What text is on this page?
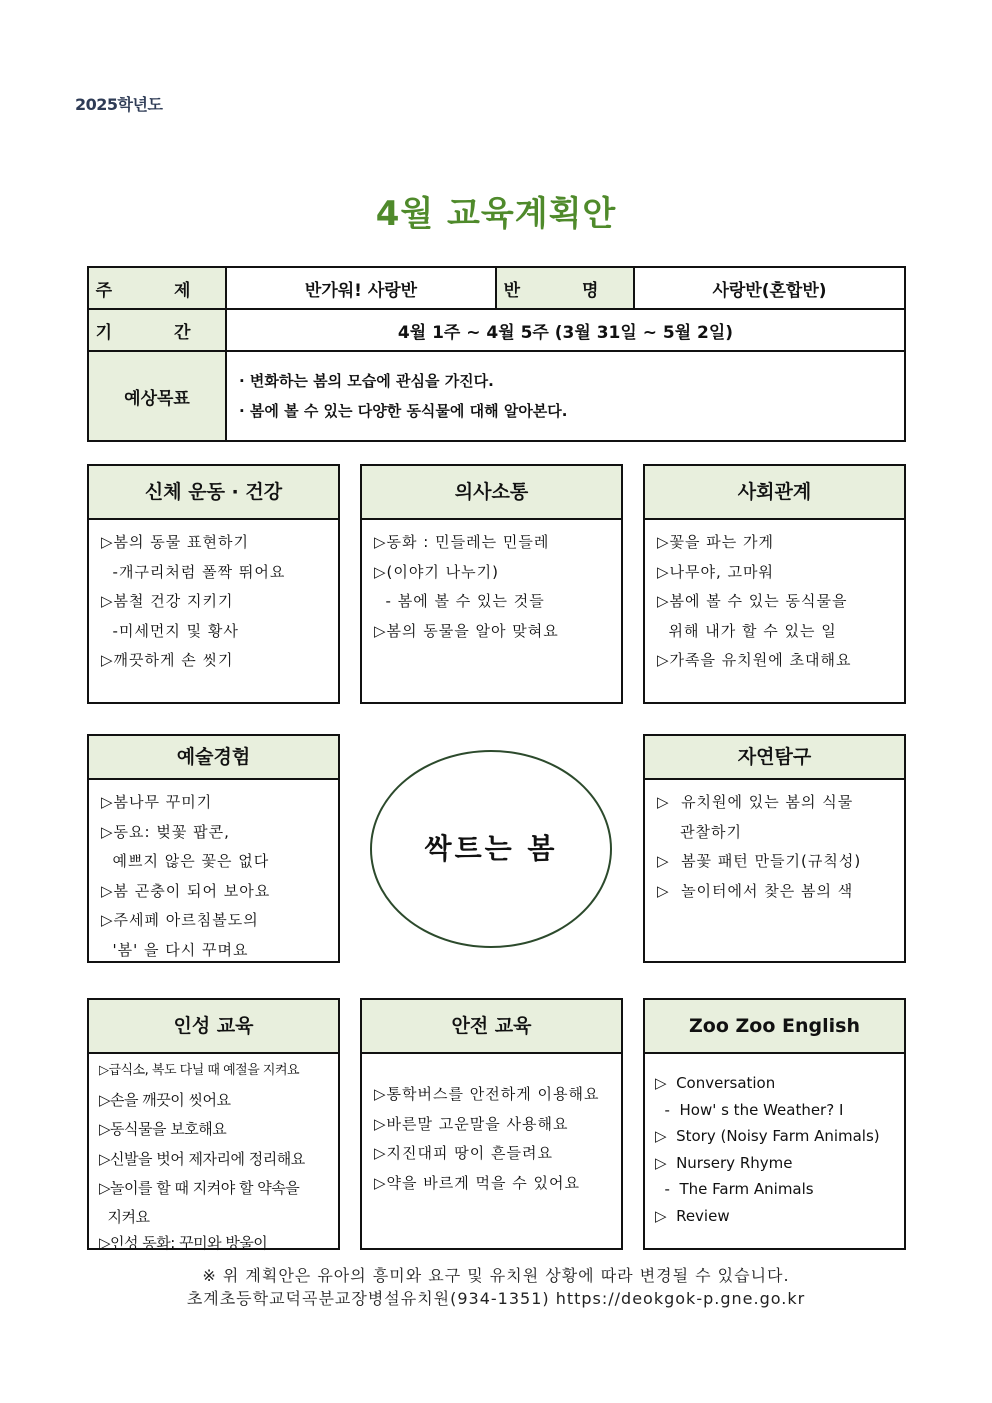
2025학년도
4월 교육계획안
주 제	반가워! 사랑반	반 명	사랑반(혼합반)
기 간	4월 1주 ~ 4월 5주 (3월 31일 ~ 5월 2일)		
예상목표	· 변화하는 봄의 모습에 관심을 가진다.
· 봄에 볼 수 있는 다양한 동식물에 대해 알아본다.		
신체 운동 · 건강
▷봄의 동물 표현하기
-개구리처럼 폴짝 뛰어요
▷봄철 건강 지키기
-미세먼지 및 황사
▷깨끗하게 손 씻기
의사소통
▷동화 : 민들레는 민들레
▷(이야기 나누기)
- 봄에 볼 수 있는 것들
▷봄의 동물을 알아 맞혀요
사회관계
▷꽃을 파는 가게
▷나무야, 고마워
▷봄에 볼 수 있는 동식물을
위해 내가 할 수 있는 일
▷가족을 유치원에 초대해요
예술경험
▷봄나무 꾸미기
▷동요: 벚꽃 팝콘,
예쁘지 않은 꽃은 없다
▷봄 곤충이 되어 보아요
▷주세페 아르침볼도의
'봄' 을 다시 꾸며요
싹트는 봄
자연탐구
▷  유치원에 있는 봄의 식물
관찰하기
▷  봄꽃 패턴 만들기(규칙성)
▷  놀이터에서 찾은 봄의 색
인성 교육
▷급식소, 복도 다닐 때 예절을 지켜요
▷손을 깨끗이 씻어요
▷동식물을 보호해요
▷신발을 벗어 제자리에 정리해요
▷놀이를 할 때 지켜야 할 약속을
지켜요
▷인성 동화: 꾸미와 방울이
안전 교육
▷통학버스를 안전하게 이용해요
▷바른말 고운말을 사용해요
▷지진대피 땅이 흔들려요
▷약을 바르게 먹을 수 있어요
Zoo Zoo English
▷  Conversation
-  How' s the Weather? Ⅰ
▷  Story (Noisy Farm Animals)
▷  Nursery Rhyme
-  The Farm Animals
▷  Review
※ 위 계획안은 유아의 흥미와 요구 및 유치원 상황에 따라 변경될 수 있습니다.
초계초등학교덕곡분교장병설유치원(934-1351) https://deokgok-p.gne.go.kr
